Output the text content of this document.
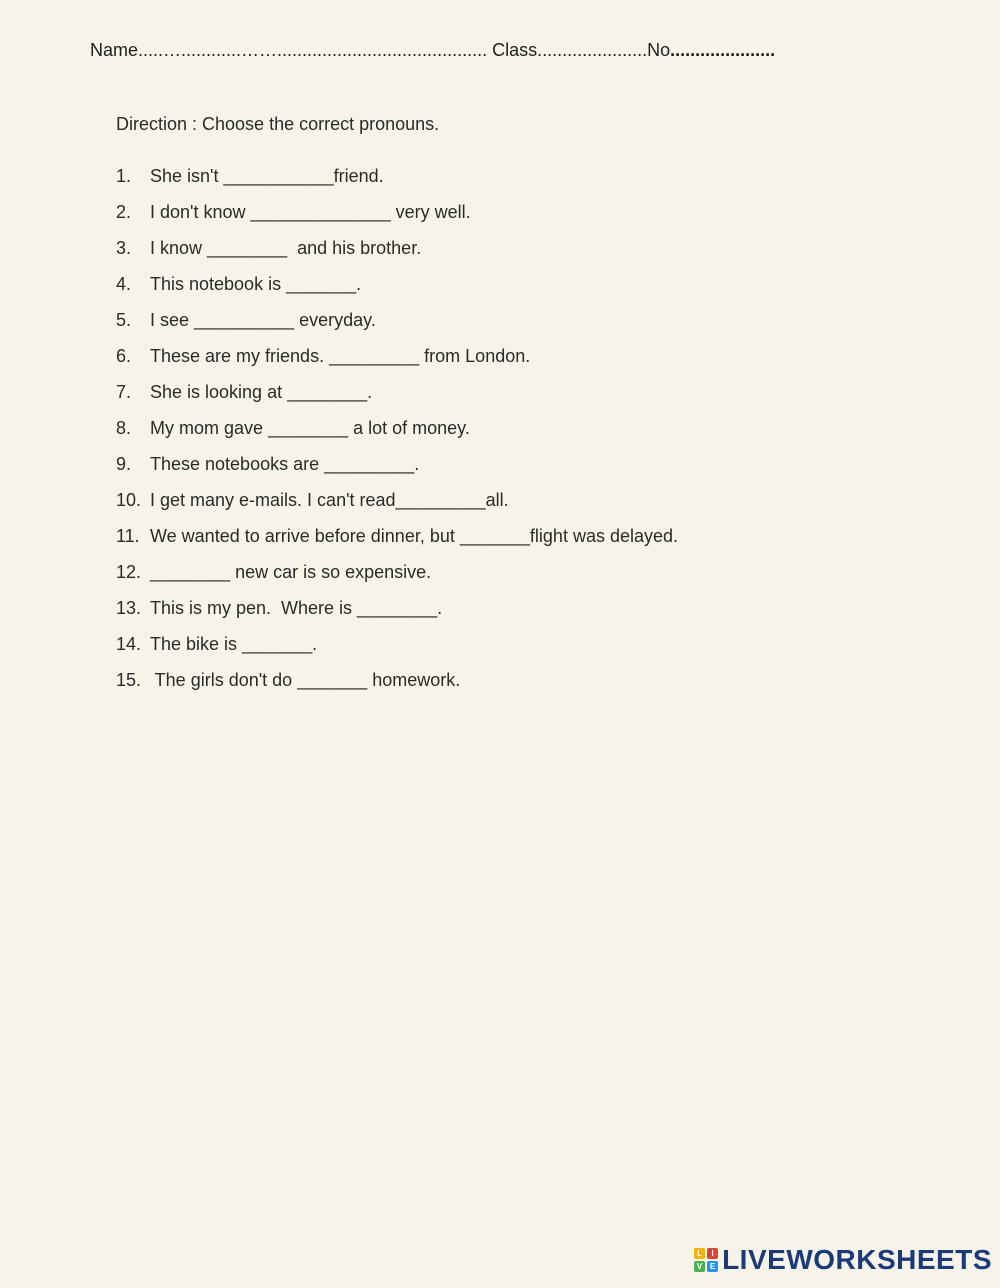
Name.....…............…….......................................... Class......................No.....................
Direction : Choose the correct pronouns.
1.	She isn't ___________friend.
2.	I don't know ______________ very well.
3.	I know ________  and his brother.
4.	This notebook is _______.
5.	I see __________ everyday.
6.	These are my friends. _________ from London.
7.	She is looking at ________.
8.	My mom gave ________ a lot of money.
9.	These notebooks are _________.
10. I get many e-mails. I can't read_________all.
11. We wanted to arrive before dinner, but _______flight was delayed.
12. ________ new car is so expensive.
13. This is my pen.  Where is ________.
14. The bike is _______.
15. The girls don't do _______ homework.
L	I
V E LIVEWORKSHEETS
